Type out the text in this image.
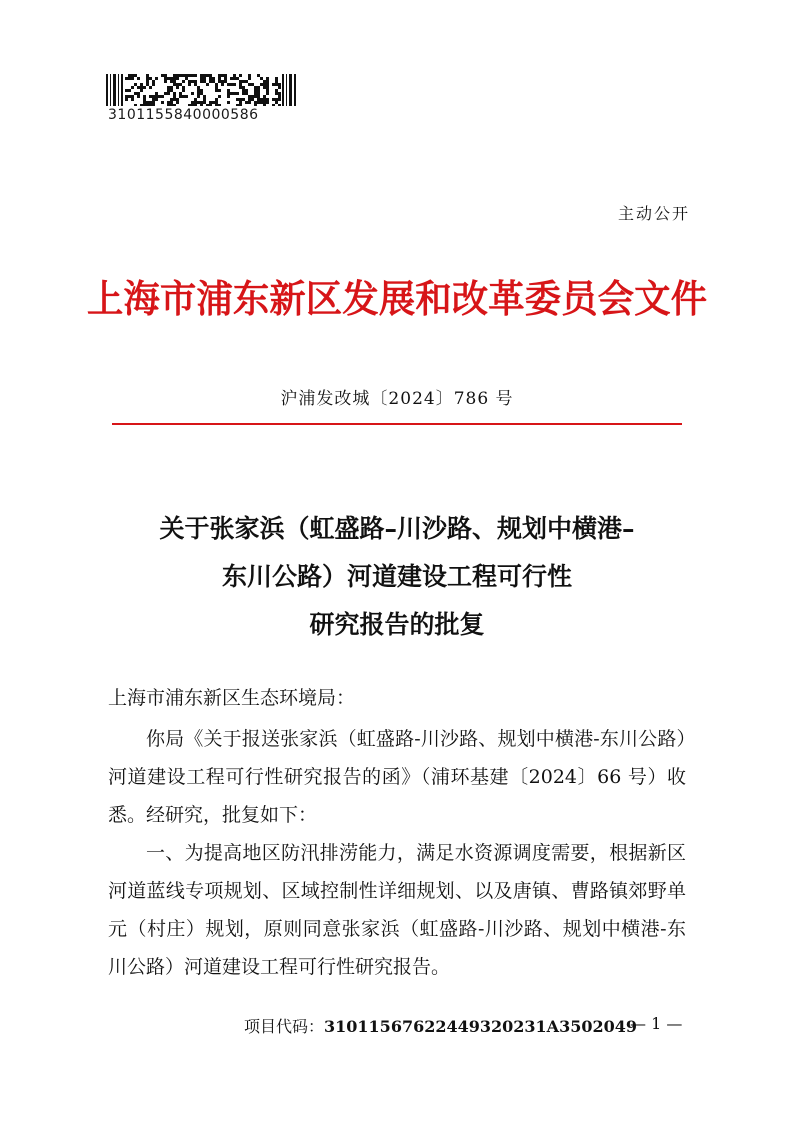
3101155840000586
主动公开
上海市浦东新区发展和改革委员会文件
沪浦发改城〔2024〕786 号
关于张家浜（虹盛路–川沙路、规划中横港–
东川公路）河道建设工程可行性
研究报告的批复
上海市浦东新区生态环境局：

你局《关于报送张家浜（虹盛路-川沙路、规划中横港-东川公路）河道建设工程可行性研究报告的函》（浦环基建〔2024〕66 号）收悉。经研究，批复如下：

一、为提高地区防汛排涝能力，满足水资源调度需要，根据新区河道蓝线专项规划、区域控制性详细规划、以及唐镇、曹路镇郊野单元（村庄）规划，原则同意张家浜（虹盛路-川沙路、规划中横港-东川公路）河道建设工程可行性研究报告。

项目代码：31011567622449320231A3502049
— 1 —
